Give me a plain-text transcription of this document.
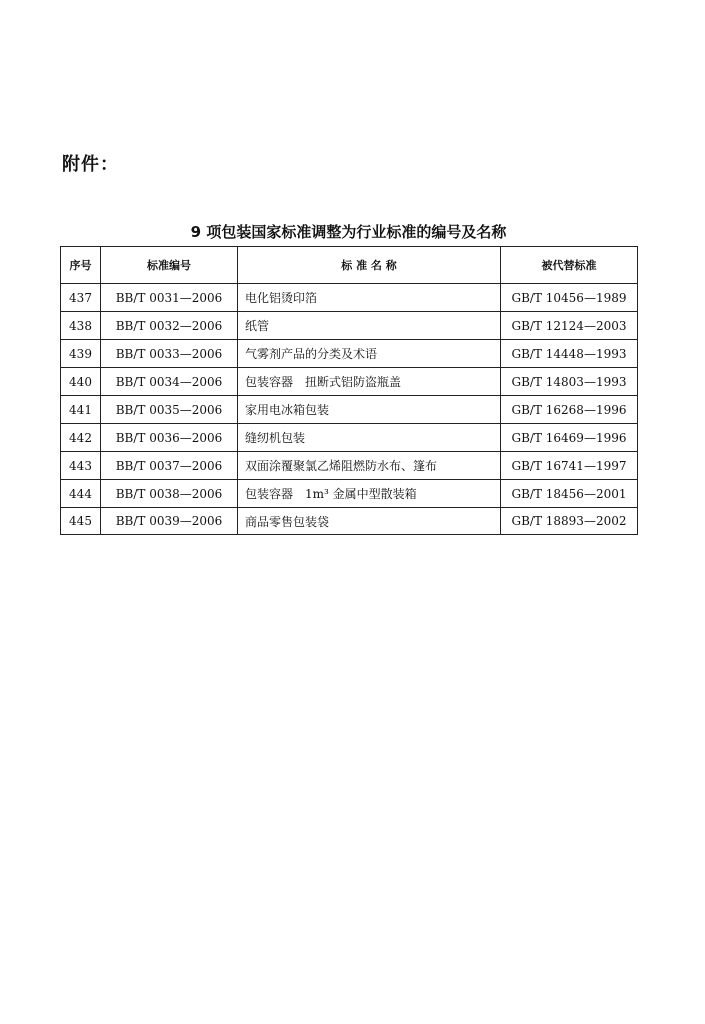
附件：
9 项包装国家标准调整为行业标准的编号及名称
序号	标准编号	标 准 名 称	被代替标准
437	BB/T 0031—2006	电化铝烫印箔	GB/T 10456—1989
438	BB/T 0032—2006	纸管	GB/T 12124—2003
439	BB/T 0033—2006	气雾剂产品的分类及术语	GB/T 14448—1993
440	BB/T 0034—2006	包装容器　扭断式铝防盗瓶盖	GB/T 14803—1993
441	BB/T 0035—2006	家用电冰箱包装	GB/T 16268—1996
442	BB/T 0036—2006	缝纫机包装	GB/T 16469—1996
443	BB/T 0037—2006	双面涂覆聚氯乙烯阻燃防水布、篷布	GB/T 16741—1997
444	BB/T 0038—2006	包装容器　1m³ 金属中型散装箱	GB/T 18456—2001
445	BB/T 0039—2006	商品零售包装袋	GB/T 18893—2002
